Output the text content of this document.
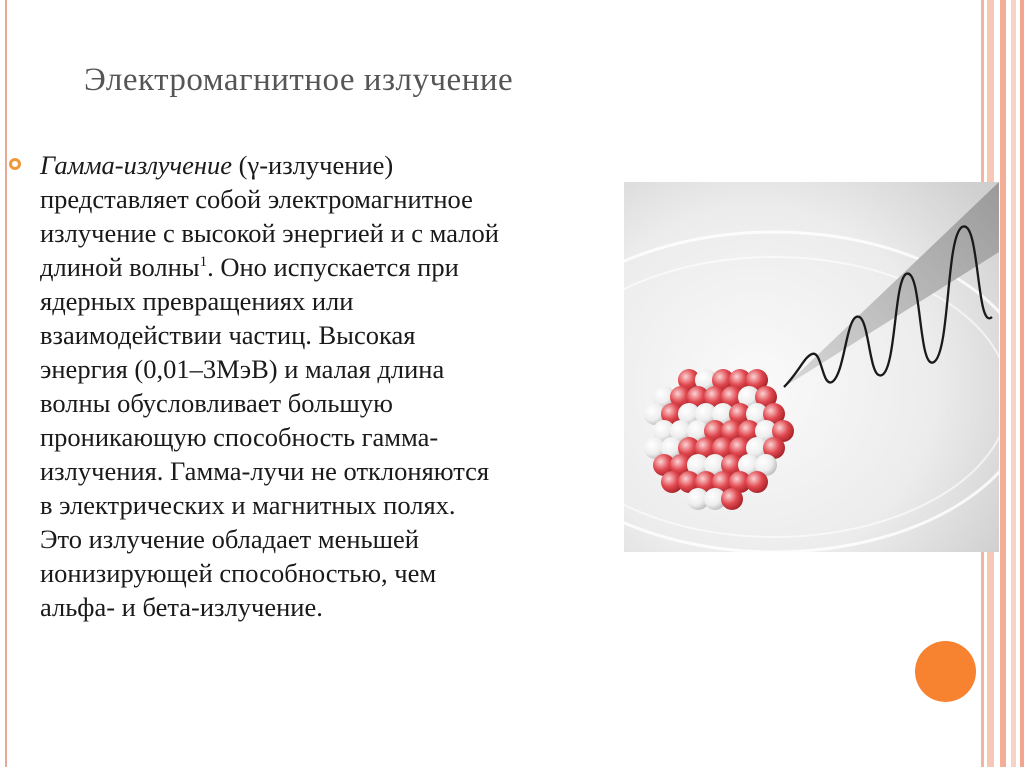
Электромагнитное излучение
Гамма-излучение (γ-излучение)
представляет собой электромагнитное
излучение с высокой энергией и с малой
длиной волны$^1$. Оно испускается при
ядерных превращениях или
взаимодействии частиц. Высокая
энергия (0,01–3МэВ) и малая длина
волны обусловливает большую
проникающую способность гамма-
излучения. Гамма-лучи не отклоняются
в электрических и магнитных полях.
Это излучение обладает меньшей
ионизирующей способностью, чем
альфа- и бета-излучение.
